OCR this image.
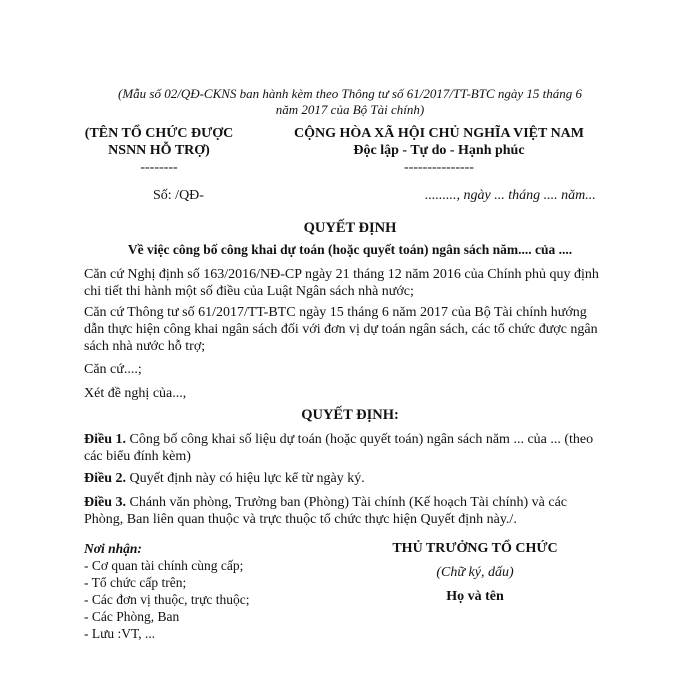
(Mẫu số 02/QĐ-CKNS ban hành kèm theo Thông tư số 61/2017/TT-BTC ngày 15 tháng 6
năm 2017 của Bộ Tài chính)
(TÊN TỔ CHỨC ĐƯỢC
NSNN HỖ TRỢ)
--------
CỘNG HÒA XÃ HỘI CHỦ NGHĨA VIỆT NAM
Độc lập - Tự do - Hạnh phúc
---------------
Số: /QĐ-	........., ngày ... tháng .... năm...
QUYẾT ĐỊNH
Về việc công bố công khai dự toán (hoặc quyết toán) ngân sách năm.... của ....
Căn cứ Nghị định số 163/2016/NĐ-CP ngày 21 tháng 12 năm 2016 của Chính phủ quy định chi tiết thi hành một số điều của Luật Ngân sách nhà nước;
Căn cứ Thông tư số 61/2017/TT-BTC ngày 15 tháng 6 năm 2017 của Bộ Tài chính hướng dẫn thực hiện công khai ngân sách đối với đơn vị dự toán ngân sách, các tổ chức được ngân sách nhà nước hỗ trợ;
Căn cứ....;
Xét đề nghị của...,
QUYẾT ĐỊNH:
Điều 1. Công bố công khai số liệu dự toán (hoặc quyết toán) ngân sách năm ... của ... (theo các biểu đính kèm)
Điều 2. Quyết định này có hiệu lực kể từ ngày ký.
Điều 3. Chánh văn phòng, Trưởng ban (Phòng) Tài chính (Kế hoạch Tài chính) và các Phòng, Ban liên quan thuộc và trực thuộc tổ chức thực hiện Quyết định này./.
Nơi nhận:
- Cơ quan tài chính cùng cấp;
- Tổ chức cấp trên;
- Các đơn vị thuộc, trực thuộc;
- Các Phòng, Ban
- Lưu :VT, ...
THỦ TRƯỞNG TỔ CHỨC
(Chữ ký, dấu)
Họ và tên
